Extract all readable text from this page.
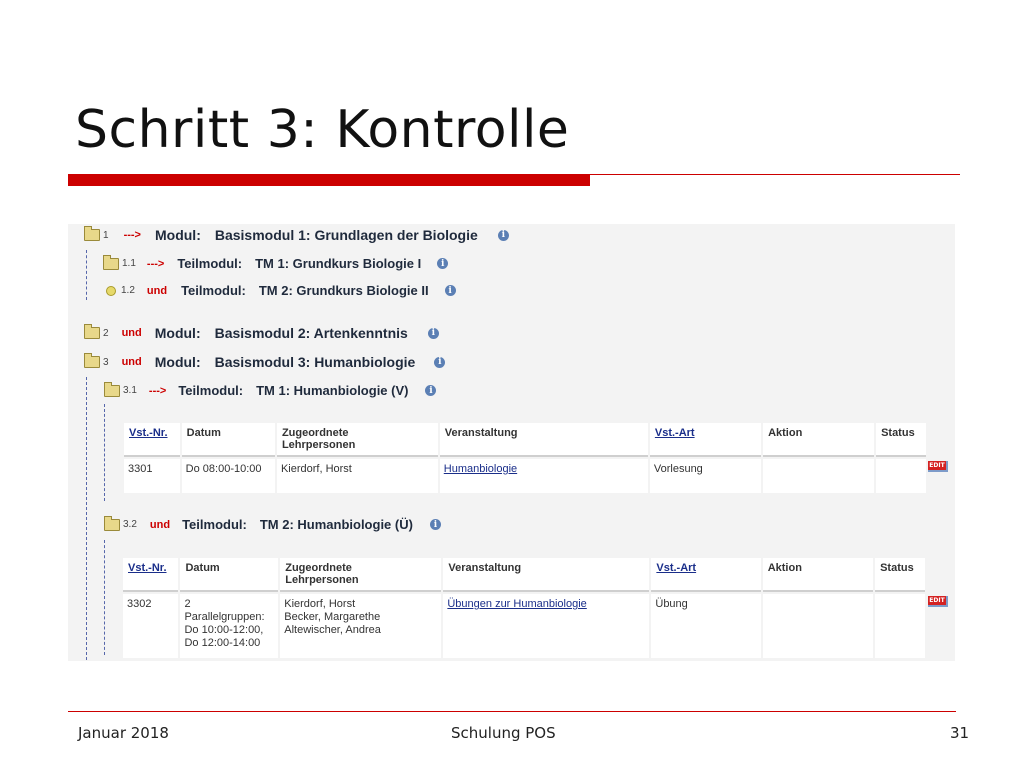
Schritt 3: Kontrolle
1 ---> Modul: Basismodul 1: Grundlagen der Biologie	i
1.1 ---> Teilmodul: TM 1: Grundkurs Biologie I	i
1.2 und Teilmodul: TM 2: Grundkurs Biologie II	i
2 und Modul: Basismodul 2: Artenkenntnis	i
3 und Modul: Basismodul 3: Humanbiologie	i
3.1 ---> Teilmodul: TM 1: Humanbiologie (V)	i
Vst.-Nr.	Datum	Zugeordnete
Lehrpersonen	Veranstaltung	Vst.-Art	Aktion	Status
3301	Do 08:00-10:00	Kierdorf, Horst	Humanbiologie	Vorlesung			EDIT
3.2 und Teilmodul: TM 2: Humanbiologie (Ü)	i
Vst.-Nr.	Datum	Zugeordnete
Lehrpersonen	Veranstaltung	Vst.-Art	Aktion	Status
3302	2
Parallelgruppen:
Do 10:00-12:00,
Do 12:00-14:00	Kierdorf, Horst
Becker, Margarethe
Altewischer, Andrea	Übungen zur Humanbiologie	Übung			EDIT
Januar 2018	Schulung POS	31
